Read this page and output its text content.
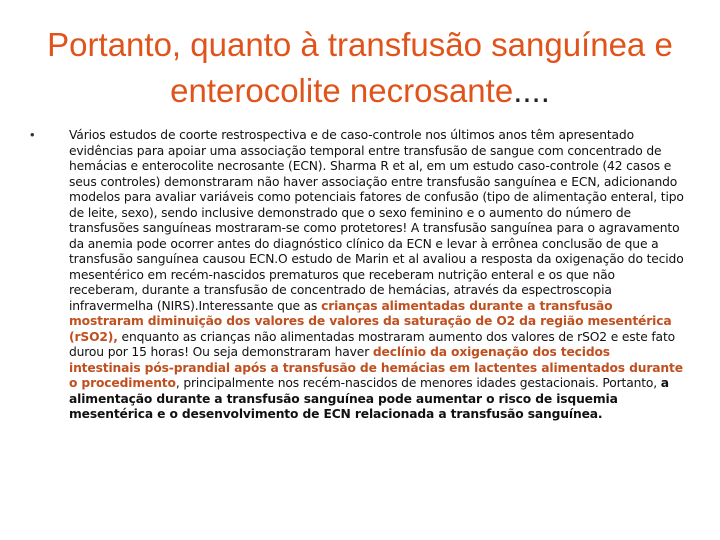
Portanto, quanto à transfusão sanguínea e enterocolite necrosante....
•	Vários estudos de coorte restrospectiva e de caso-controle nos últimos anos têm apresentado evidências para apoiar uma associação temporal entre transfusão de sangue com concentrado de hemácias e enterocolite necrosante (ECN). Sharma R et al, em um estudo caso-controle (42 casos e seus controles) demonstraram não haver associação entre transfusão sanguínea e ECN, adicionando modelos para avaliar variáveis como potenciais fatores de confusão (tipo de alimentação enteral, tipo de leite, sexo), sendo inclusive demonstrado que o sexo feminino e o aumento do número de transfusões sanguíneas mostraram-se como protetores! A transfusão sanguínea para o agravamento da anemia pode ocorrer antes do diagnóstico clínico da ECN e levar à errônea conclusão de que a transfusão sanguínea causou ECN.O estudo de Marin et al avaliou a resposta da oxigenação do tecido mesentérico em recém-nascidos prematuros que receberam nutrição enteral e os que não receberam, durante a transfusão de concentrado de hemácias, através da espectroscopia infravermelha (NIRS).Interessante que as crianças alimentadas durante a transfusão mostraram diminuição dos valores de valores da saturação de O2 da região mesentérica (rSO2), enquanto as crianças não alimentadas mostraram aumento dos valores de rSO2 e este fato durou por 15 horas! Ou seja demonstraram haver declínio da oxigenação dos tecidos intestinais pós-prandial após a transfusão de hemácias em lactentes alimentados durante o procedimento, principalmente nos recém-nascidos de menores idades gestacionais. Portanto, a alimentação durante a transfusão sanguínea pode aumentar o risco de isquemia mesentérica e o desenvolvimento de ECN relacionada a transfusão sanguínea.
